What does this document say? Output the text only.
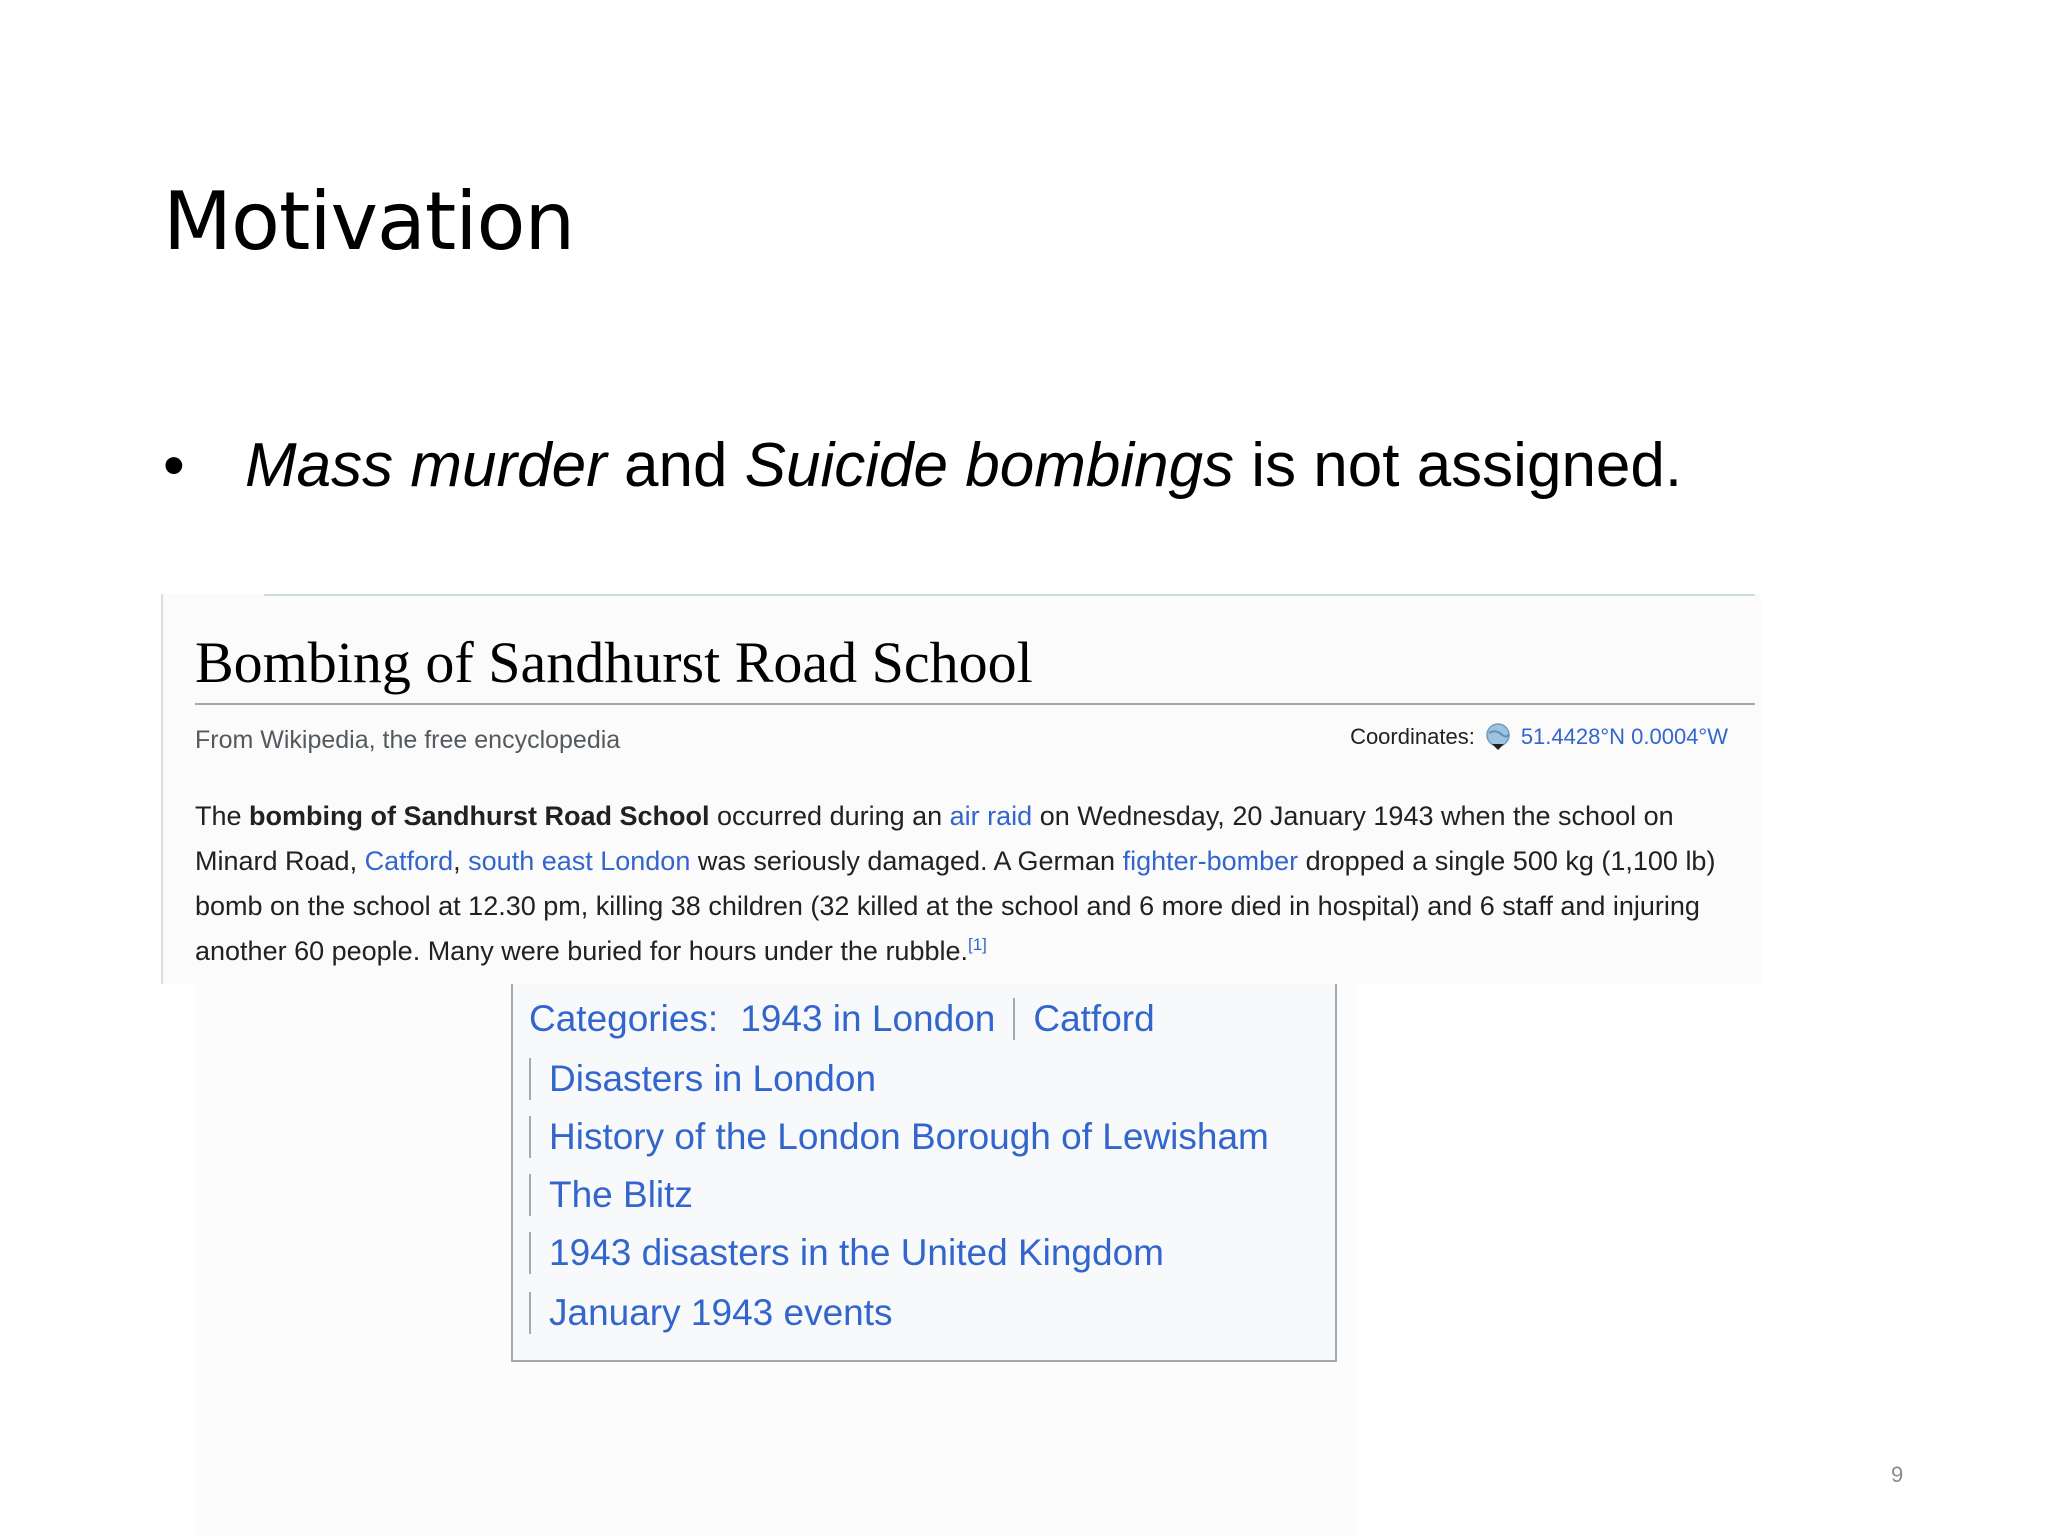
Motivation
• Mass murder and Suicide bombings is not assigned.
Bombing of Sandhurst Road School
From Wikipedia, the free encyclopedia	Coordinates: 51.4428°N 0.0004°W
The bombing of Sandhurst Road School occurred during an air raid on Wednesday, 20 January 1943 when the school on Minard Road, Catford, south east London was seriously damaged. A German fighter-bomber dropped a single 500 kg (1,100 lb) bomb on the school at 12.30 pm, killing 38 children (32 killed at the school and 6 more died in hospital) and 6 staff and injuring another 60 people. Many were buried for hours under the rubble.[1]
Categories: 1943 in London Catford
Disasters in London
History of the London Borough of Lewisham
The Blitz
1943 disasters in the United Kingdom
January 1943 events
9
